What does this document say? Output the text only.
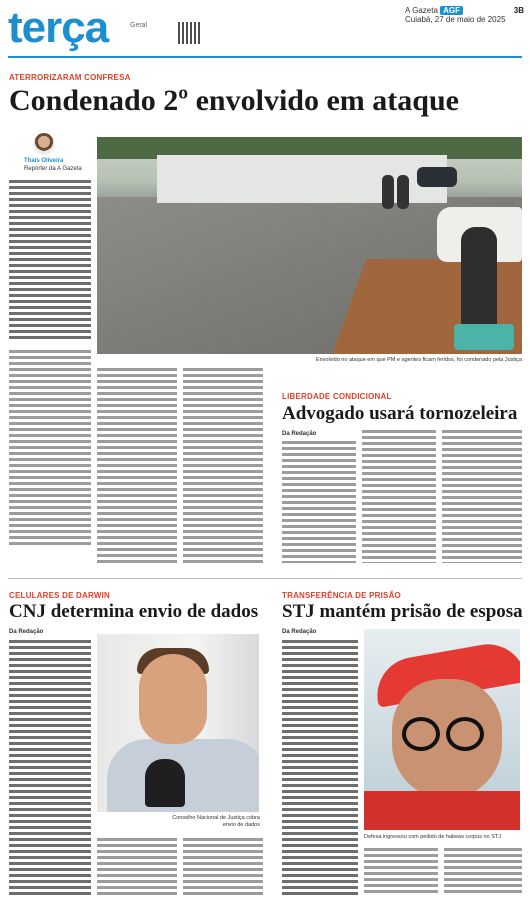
terça	Geral
A Gazeta AGF
Cuiabá, 27 de maio de 2025
3B
ATERRORIZARAM CONFRESA
Condenado 2º envolvido em ataque
Thaís Oliveira
Repórter da A Gazeta
Envolvido no ataque em que PM e agentes ficam feridos, foi condenado pela Justiça
LIBERDADE CONDICIONAL
Advogado usará tornozeleira
Da Redação
CELULARES DE DARWIN
CNJ determina envio de dados
Da Redação
Conselho Nacional de Justiça cobra envio de dados
TRANSFERÊNCIA DE PRISÃO
STJ mantém prisão de esposa
Da Redação
Defesa ingressou com pedido de habeas corpus no STJ
